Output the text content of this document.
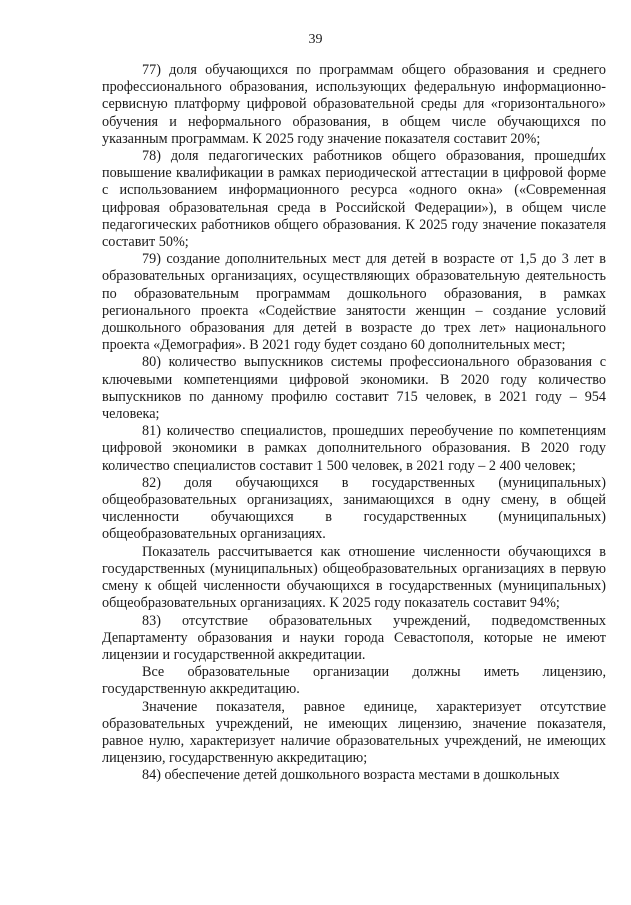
39

77) доля обучающихся по программам общего образования и среднего профессионального образования, использующих федеральную информационно-сервисную платформу цифровой образовательной среды для «горизонтального» обучения и неформального образования, в общем числе обучающихся по указанным программам. К 2025 году значение показателя составит 20%;

78) доля педагогических работников общего образования, прошедших повышение квалификации в рамках периодической аттестации в цифровой форме с использованием информационного ресурса «одного окна» («Современная цифровая образовательная среда в Российской Федерации»), в общем числе педагогических работников общего образования. К 2025 году значение показателя составит 50%;

79) создание дополнительных мест для детей в возрасте от 1,5 до 3 лет в образовательных организациях, осуществляющих образовательную деятельность по образовательным программам дошкольного образования, в рамках регионального проекта «Содействие занятости женщин – создание условий дошкольного образования для детей в возрасте до трех лет» национального проекта «Демография». В 2021 году будет создано 60 дополнительных мест;

80) количество выпускников системы профессионального образования с ключевыми компетенциями цифровой экономики. В 2020 году количество выпускников по данному профилю составит 715 человек, в 2021 году – 954 человека;

81) количество специалистов, прошедших переобучение по компетенциям цифровой экономики в рамках дополнительного образования. В 2020 году количество специалистов составит 1 500 человек, в 2021 году – 2 400 человек;

82) доля обучающихся в государственных (муниципальных) общеобразовательных организациях, занимающихся в одну смену, в общей численности обучающихся в государственных (муниципальных) общеобразовательных организациях.

Показатель рассчитывается как отношение численности обучающихся в государственных (муниципальных) общеобразовательных организациях в первую смену к общей численности обучающихся в государственных (муниципальных) общеобразовательных организациях. К 2025 году показатель составит 94%;

83) отсутствие образовательных учреждений, подведомственных Департаменту образования и науки города Севастополя, которые не имеют лицензии и государственной аккредитации.

Все образовательные организации должны иметь лицензию, государственную аккредитацию.

Значение показателя, равное единице, характеризует отсутствие образовательных учреждений, не имеющих лицензию, значение показателя, равное нулю, характеризует наличие образовательных учреждений, не имеющих лицензию, государственную аккредитацию;

84) обеспечение детей дошкольного возраста местами в дошкольных
